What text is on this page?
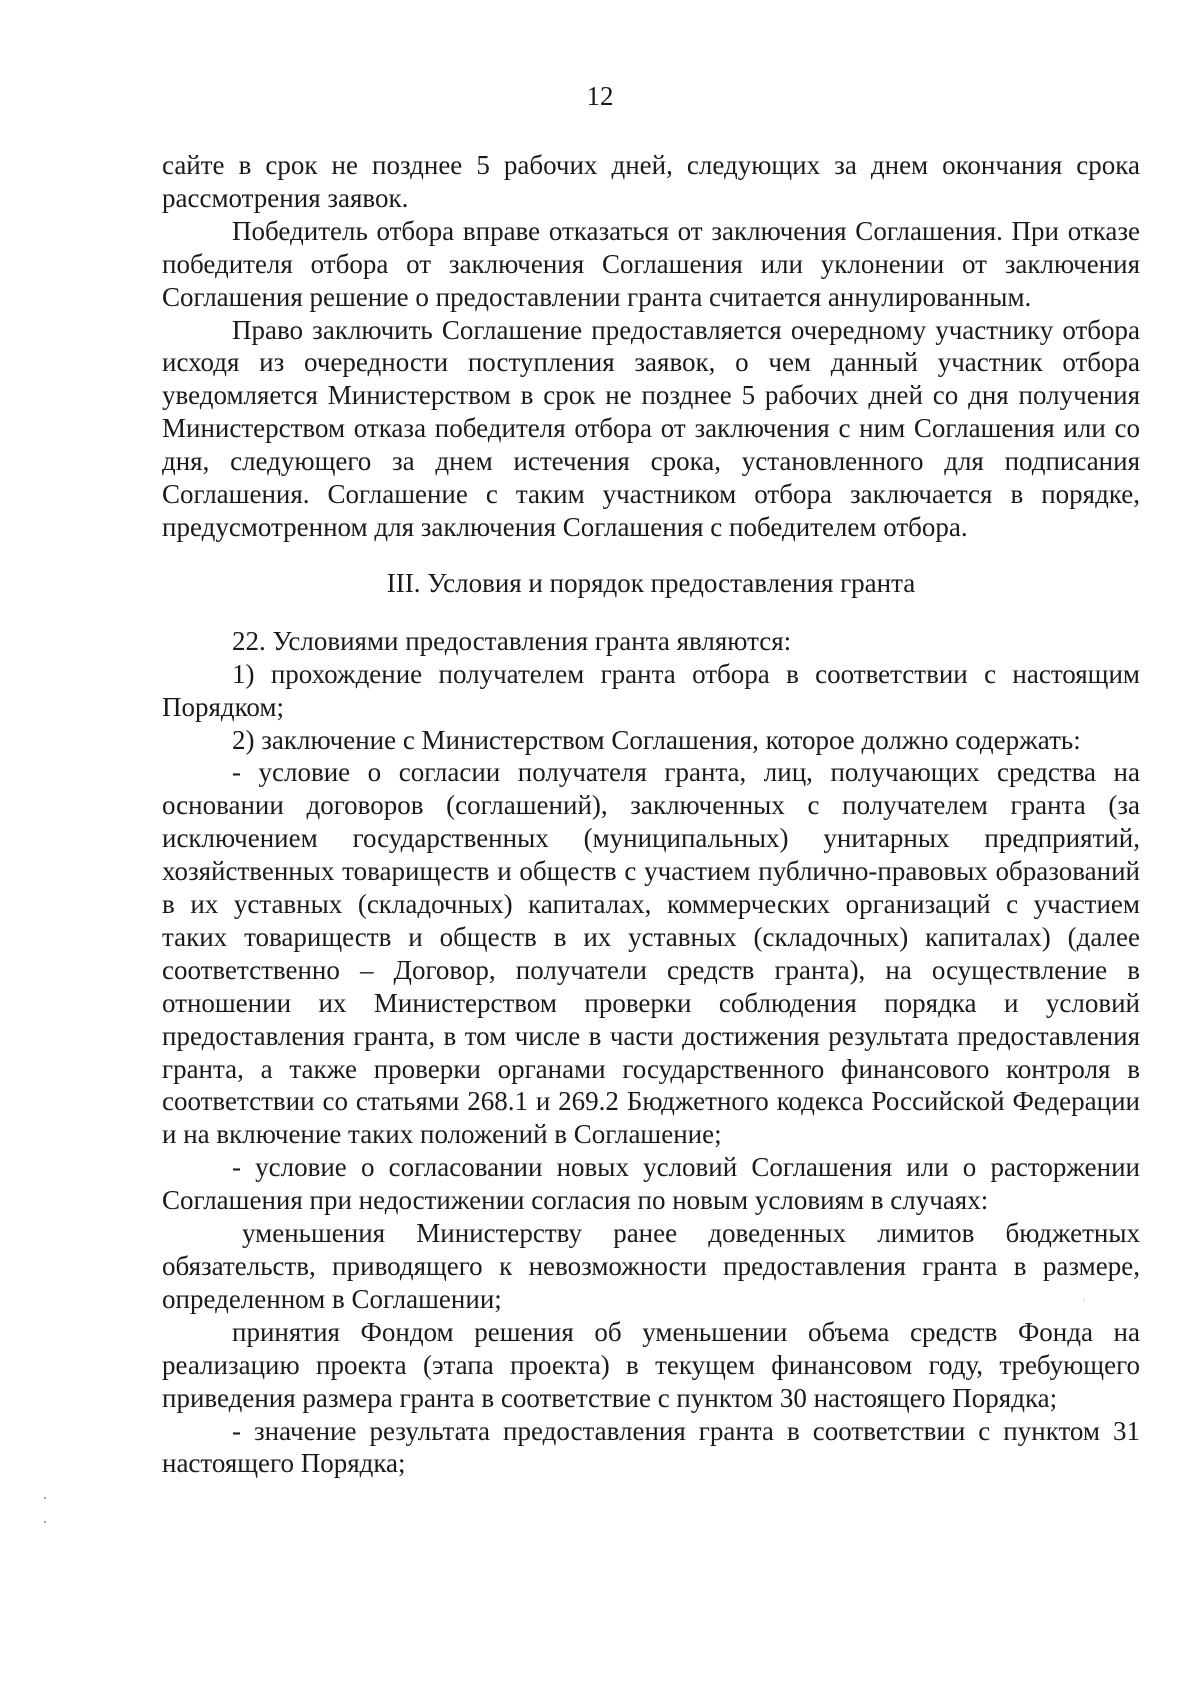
12

сайте в срок не позднее 5 рабочих дней, следующих за днем окончания срока рассмотрения заявок.

Победитель отбора вправе отказаться от заключения Соглашения. При отказе победителя отбора от заключения Соглашения или уклонении от заключения Соглашения решение о предоставлении гранта считается аннулированным.

Право заключить Соглашение предоставляется очередному участнику отбора исходя из очередности поступления заявок, о чем данный участник отбора уведомляется Министерством в срок не позднее 5 рабочих дней со дня получения Министерством отказа победителя отбора от заключения с ним Соглашения или со дня, следующего за днем истечения срока, установленного для подписания Соглашения. Соглашение с таким участником отбора заключается в порядке, предусмотренном для заключения Соглашения с победителем отбора.

III. Условия и порядок предоставления гранта

22. Условиями предоставления гранта являются:

1) прохождение получателем гранта отбора в соответствии с настоящим Порядком;

2) заключение с Министерством Соглашения, которое должно содержать:

- условие о согласии получателя гранта, лиц, получающих средства на основании договоров (соглашений), заключенных с получателем гранта (за исключением государственных (муниципальных) унитарных предприятий, хозяйственных товариществ и обществ с участием публично-правовых образований в их уставных (складочных) капиталах, коммерческих организаций с участием таких товариществ и обществ в их уставных (складочных) капиталах) (далее соответственно – Договор, получатели средств гранта), на осуществление в отношении их Министерством проверки соблюдения порядка и условий предоставления гранта, в том числе в части достижения результата предоставления гранта, а также проверки органами государственного финансового контроля в соответствии со статьями 268.1 и 269.2 Бюджетного кодекса Российской Федерации и на включение таких положений в Соглашение;

- условие о согласовании новых условий Соглашения или о расторжении Соглашения при недостижении согласия по новым условиям в случаях:

уменьшения Министерству ранее доведенных лимитов бюджетных обязательств, приводящего к невозможности предоставления гранта в размере, определенном в Соглашении;

принятия Фондом решения об уменьшении объема средств Фонда на реализацию проекта (этапа проекта) в текущем финансовом году, требующего приведения размера гранта в соответствие с пунктом 30 настоящего Порядка;

- значение результата предоставления гранта в соответствии с пунктом 31 настоящего Порядка;
